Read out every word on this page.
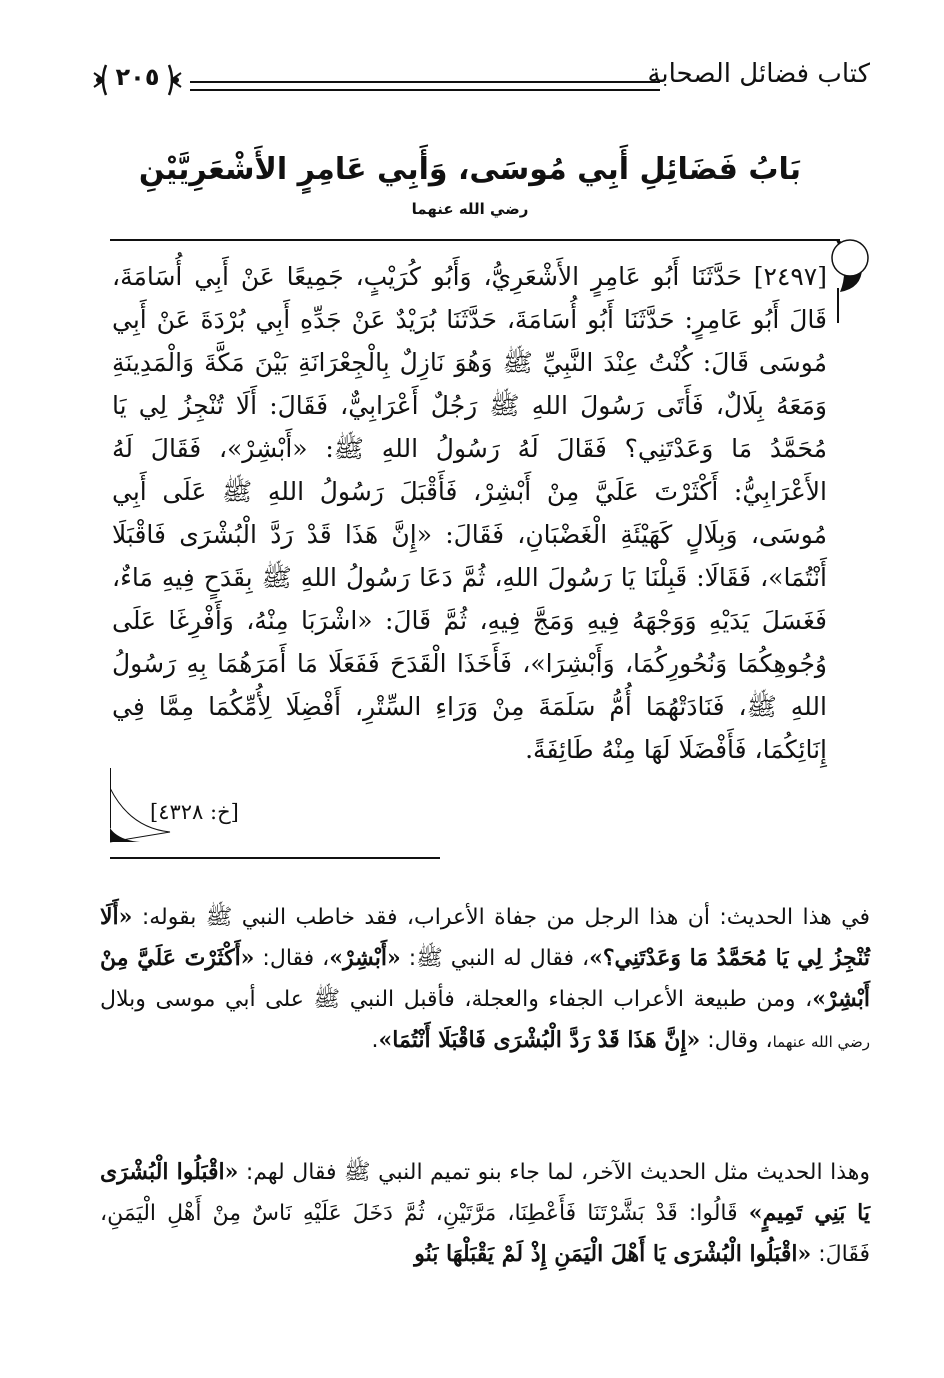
كتاب فضائل الصحابة
٢٠٥
بَابُ فَضَائِلِ أَبِي مُوسَى، وَأَبِي عَامِرٍ الأَشْعَرِيَّيْنِ رضي الله عنهما

[٢٤٩٧] حَدَّثَنَا أَبُو عَامِرٍ الأَشْعَرِيُّ، وَأَبُو كُرَيْبٍ، جَمِيعًا عَنْ أَبِي أُسَامَةَ، قَالَ أَبُو عَامِرٍ: حَدَّثَنَا أَبُو أُسَامَةَ، حَدَّثَنَا بُرَيْدٌ عَنْ جَدِّهِ أَبِي بُرْدَةَ عَنْ أَبِي مُوسَى قَالَ: كُنْتُ عِنْدَ النَّبِيِّ ﷺ وَهُوَ نَازِلٌ بِالْجِعْرَانَةِ بَيْنَ مَكَّةَ وَالْمَدِينَةِ وَمَعَهُ بِلَالٌ، فَأَتَى رَسُولَ اللهِ ﷺ رَجُلٌ أَعْرَابِيٌّ، فَقَالَ: أَلَا تُنْجِزُ لِي يَا مُحَمَّدُ مَا وَعَدْتَنِي؟ فَقَالَ لَهُ رَسُولُ اللهِ ﷺ: «أَبْشِرْ»، فَقَالَ لَهُ الأَعْرَابِيُّ: أَكْثَرْتَ عَلَيَّ مِنْ أَبْشِرْ، فَأَقْبَلَ رَسُولُ اللهِ ﷺ عَلَى أَبِي مُوسَى، وَبِلَالٍ كَهَيْئَةِ الْغَضْبَانِ، فَقَالَ: «إِنَّ هَذَا قَدْ رَدَّ الْبُشْرَى فَاقْبَلَا أَنْتُمَا»، فَقَالَا: قَبِلْنَا يَا رَسُولَ اللهِ، ثُمَّ دَعَا رَسُولُ اللهِ ﷺ بِقَدَحٍ فِيهِ مَاءٌ، فَغَسَلَ يَدَيْهِ وَوَجْهَهُ فِيهِ وَمَجَّ فِيهِ، ثُمَّ قَالَ: «اشْرَبَا مِنْهُ، وَأَفْرِغَا عَلَى وُجُوهِكُمَا وَنُحُورِكُمَا، وَأَبْشِرَا»، فَأَخَذَا الْقَدَحَ فَفَعَلَا مَا أَمَرَهُمَا بِهِ رَسُولُ اللهِ ﷺ، فَنَادَتْهُمَا أُمُّ سَلَمَةَ مِنْ وَرَاءِ السِّتْرِ، أَفْضِلَا لِأُمِّكُمَا مِمَّا فِي إِنَائِكُمَا، فَأَفْضَلَا لَهَا مِنْهُ طَائِفَةً.

[خ: ٤٣٢٨]

في هذا الحديث: أن هذا الرجل من جفاة الأعراب، فقد خاطب النبي ﷺ بقوله: «أَلَا تُنْجِزُ لِي يَا مُحَمَّدُ مَا وَعَدْتَنِي؟»، فقال له النبي ﷺ: «أَبْشِرْ»، فقال: «أَكْثَرْتَ عَلَيَّ مِنْ أَبْشِرْ»، ومن طبيعة الأعراب الجفاء والعجلة، فأقبل النبي ﷺ على أبي موسى وبلال رضي الله عنهما، وقال: «إِنَّ هَذَا قَدْ رَدَّ الْبُشْرَى فَاقْبَلَا أَنْتُمَا».

وهذا الحديث مثل الحديث الآخر، لما جاء بنو تميم النبي ﷺ فقال لهم: «اقْبَلُوا الْبُشْرَى يَا بَنِي تَمِيمٍ» قَالُوا: قَدْ بَشَّرْتَنَا فَأَعْطِنَا، مَرَّتَيْنِ، ثُمَّ دَخَلَ عَلَيْهِ نَاسٌ مِنْ أَهْلِ الْيَمَنِ، فَقَالَ: «اقْبَلُوا الْبُشْرَى يَا أَهْلَ الْيَمَنِ إِذْ لَمْ يَقْبَلْهَا بَنُو
